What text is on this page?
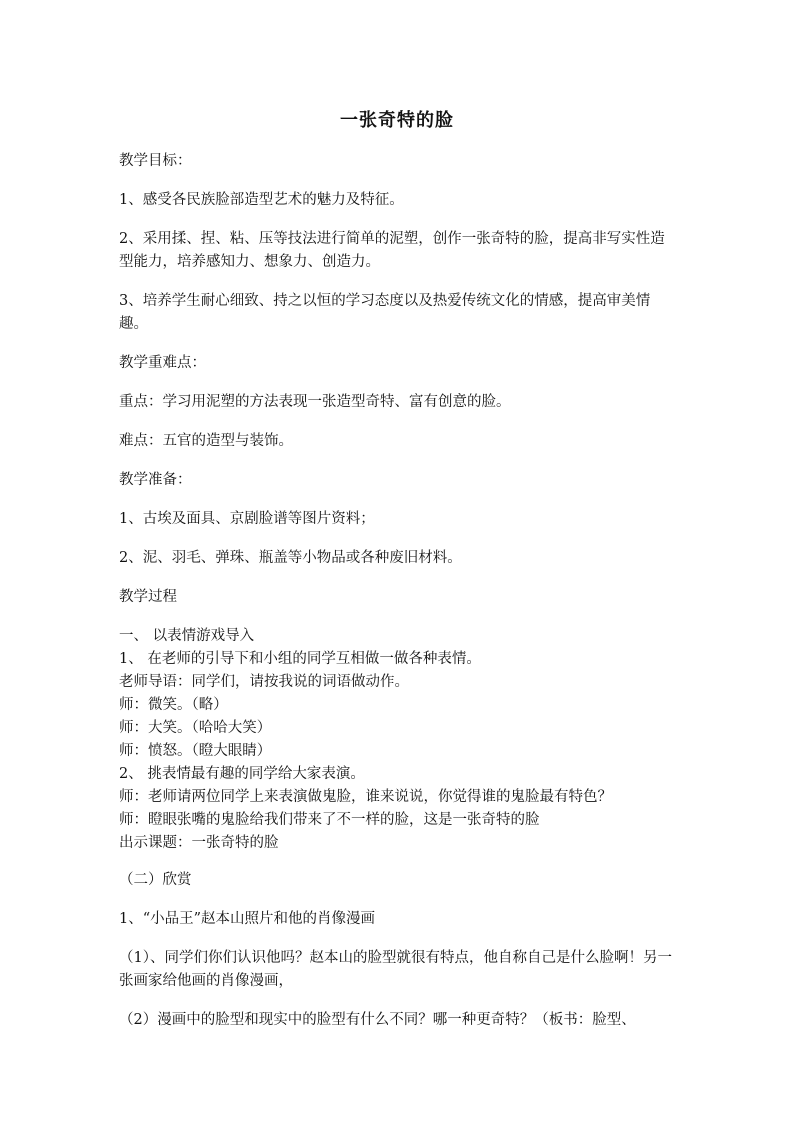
一张奇特的脸

教学目标：

1、感受各民族脸部造型艺术的魅力及特征。

2、采用揉、捏、粘、压等技法进行简单的泥塑，创作一张奇特的脸，提高非写实性造型能力，培养感知力、想象力、创造力。

3、培养学生耐心细致、持之以恒的学习态度以及热爱传统文化的情感，提高审美情趣。

教学重难点：

重点：学习用泥塑的方法表现一张造型奇特、富有创意的脸。

难点：五官的造型与装饰。

教学准备：

1、古埃及面具、京剧脸谱等图片资料；

2、泥、羽毛、弹珠、瓶盖等小物品或各种废旧材料。

教学过程

一、 以表情游戏导入

1、 在老师的引导下和小组的同学互相做一做各种表情。

老师导语：同学们，请按我说的词语做动作。

师：微笑。（略）

师：大笑。（哈哈大笑）

师：愤怒。（瞪大眼睛）

2、 挑表情最有趣的同学给大家表演。

师：老师请两位同学上来表演做鬼脸，谁来说说，你觉得谁的鬼脸最有特色？

师：瞪眼张嘴的鬼脸给我们带来了不一样的脸，这是一张奇特的脸

出示课题：一张奇特的脸

（二）欣赏

1、“小品王”赵本山照片和他的肖像漫画

（1）、同学们你们认识他吗？赵本山的脸型就很有特点，他自称自己是什么脸啊！另一张画家给他画的肖像漫画，

（2）漫画中的脸型和现实中的脸型有什么不同？哪一种更奇特？（板书：脸型、
